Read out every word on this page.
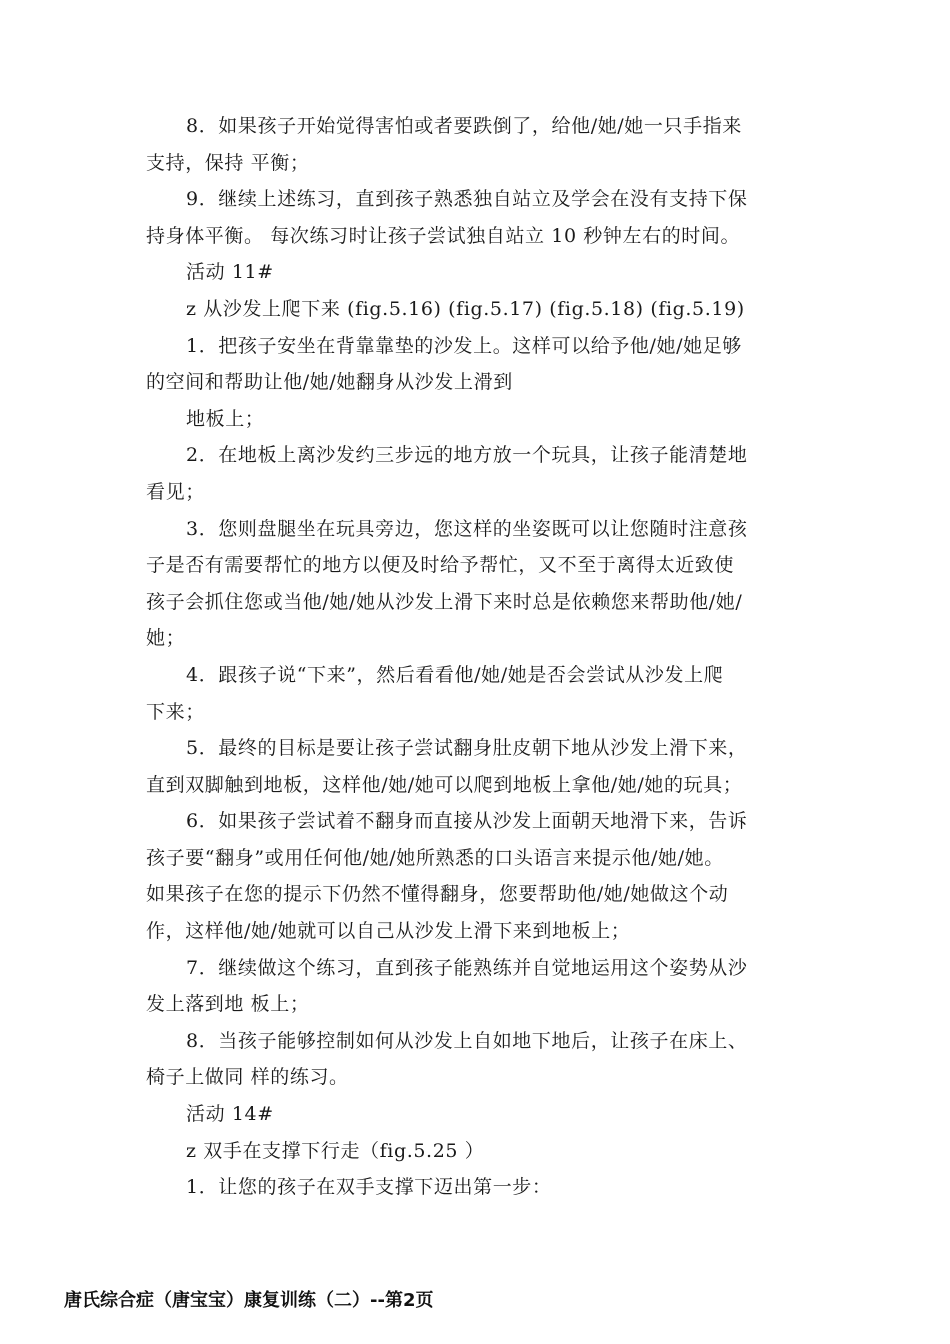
8．如果孩子开始觉得害怕或者要跌倒了，给他/她/她一只手指来
支持，保持 平衡；
9．继续上述练习，直到孩子熟悉独自站立及学会在没有支持下保
持身体平衡。 每次练习时让孩子尝试独自站立 10 秒钟左右的时间。
活动 11#
z 从沙发上爬下来 (fig.5.16) (fig.5.17) (fig.5.18) (fig.5.19)
1．把孩子安坐在背靠靠垫的沙发上。这样可以给予他/她/她足够
的空间和帮助让他/她/她翻身从沙发上滑到
地板上；
2．在地板上离沙发约三步远的地方放一个玩具，让孩子能清楚地
看见；
3．您则盘腿坐在玩具旁边，您这样的坐姿既可以让您随时注意孩
子是否有需要帮忙的地方以便及时给予帮忙，又不至于离得太近致使
孩子会抓住您或当他/她/她从沙发上滑下来时总是依赖您来帮助他/她/
她；
4．跟孩子说“下来”，然后看看他/她/她是否会尝试从沙发上爬
下来；
5．最终的目标是要让孩子尝试翻身肚皮朝下地从沙发上滑下来，
直到双脚触到地板，这样他/她/她可以爬到地板上拿他/她/她的玩具；
6．如果孩子尝试着不翻身而直接从沙发上面朝天地滑下来，告诉
孩子要“翻身”或用任何他/她/她所熟悉的口头语言来提示他/她/她。
如果孩子在您的提示下仍然不懂得翻身，您要帮助他/她/她做这个动
作，这样他/她/她就可以自己从沙发上滑下来到地板上；
7．继续做这个练习，直到孩子能熟练并自觉地运用这个姿势从沙
发上落到地 板上；
8．当孩子能够控制如何从沙发上自如地下地后，让孩子在床上、
椅子上做同 样的练习。
活动 14#
z 双手在支撑下行走（fig.5.25 ）
1．让您的孩子在双手支撑下迈出第一步：
唐氏综合症（唐宝宝）康复训练（二）--第2页
